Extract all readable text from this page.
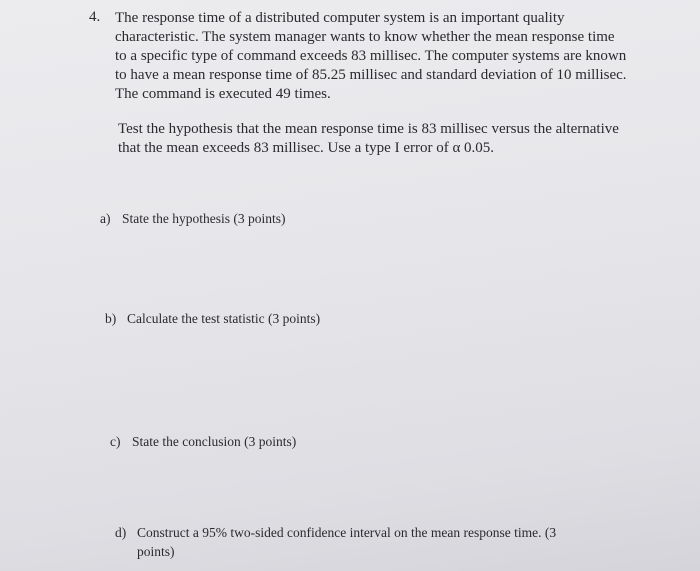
4. The response time of a distributed computer system is an important quality
characteristic. The system manager wants to know whether the mean response time
to a specific type of command exceeds 83 millisec. The computer systems are known
to have a mean response time of 85.25 millisec and standard deviation of 10 millisec.
The command is executed 49 times.

Test the hypothesis that the mean response time is 83 millisec versus the alternative
that the mean exceeds 83 millisec. Use a type I error of α 0.05.

a) State the hypothesis (3 points)
b) Calculate the test statistic (3 points)
c) State the conclusion (3 points)
d) Construct a 95% two-sided confidence interval on the mean response time. (3
points)
